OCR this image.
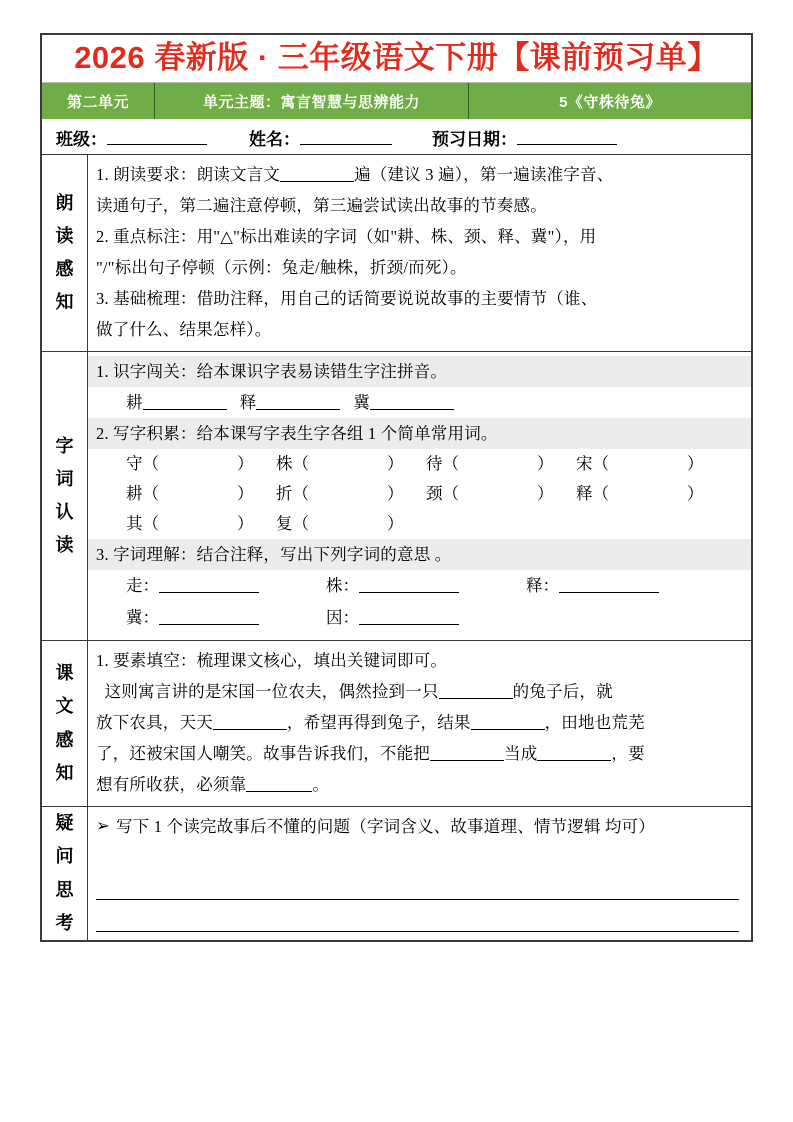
2026 春新版 · 三年级语文下册【课前预习单】
第二单元	单元主题：寓言智慧与思辨能力	5《守株待兔》
班级：	姓名：	预习日期：
朗
读
感
知
1. 朗读要求：朗读文言文	遍（建议 3 遍），第一遍读准字音、
读通句子，第二遍注意停顿，第三遍尝试读出故事的节奏感。
2. 重点标注：用"△"标出难读的字词（如"耕、株、颈、释、冀"），用
"/"标出句子停顿（示例：兔走/触株，折颈/而死）。
3. 基础梳理：借助注释，用自己的话简要说说故事的主要情节（谁、
做了什么、结果怎样）。
字
词
认
读
1. 识字闯关：给本课识字表易读错生字注拼音。
耕	释	冀
2. 写字积累：给本课写字表生字各组 1 个简单常用词。
守（	）	株（	）	待（	）	宋（	）
耕（	）	折（	）	颈（	）	释（	）
其（	）	复（	）
3. 字词理解：结合注释，写出下列字词的意思 。
走：	株：	释：
冀：	因：
课
文
感
知
1. 要素填空：梳理课文核心，填出关键词即可。
这则寓言讲的是宋国一位农夫，偶然捡到一只	的兔子后，就
放下农具，天天	，希望再得到兔子，结果	，田地也荒芜
了，还被宋国人嘲笑。故事告诉我们，不能把	当成	，要
想有所收获，必须靠	。
疑
问
思
考
➢ 写下 1 个读完故事后不懂的问题（字词含义、故事道理、情节逻辑 均可）
